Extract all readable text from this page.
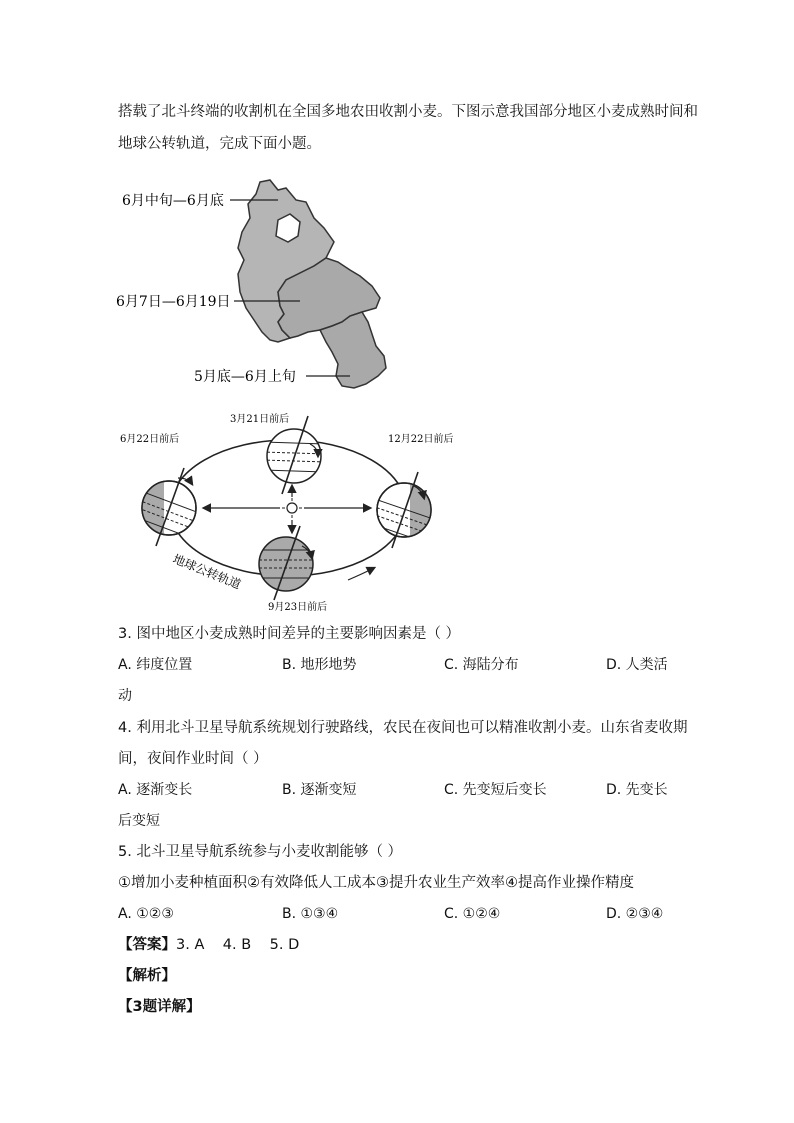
搭载了北斗终端的收割机在全国多地农田收割小麦。下图示意我国部分地区小麦成熟时间和
地球公转轨道，完成下面小题。
6月中旬—6月底
6月7日—6月19日
5月底—6月上旬
3月21日前后
6月22日前后	12月22日前后
9月23日前后
地球公转轨道
3. 图中地区小麦成熟时间差异的主要影响因素是（ ）
A. 纬度位置	B. 地形地势	C. 海陆分布	D. 人类活
动
4. 利用北斗卫星导航系统规划行驶路线，农民在夜间也可以精准收割小麦。山东省麦收期
间，夜间作业时间（ ）
A. 逐渐变长	B. 逐渐变短	C. 先变短后变长	D. 先变长
后变短
5. 北斗卫星导航系统参与小麦收割能够（ ）
①增加小麦种植面积②有效降低人工成本③提升农业生产效率④提高作业操作精度
A. ①②③	B. ①③④	C. ①②④	D. ②③④
【答案】3. A    4. B    5. D
【解析】
【3题详解】
